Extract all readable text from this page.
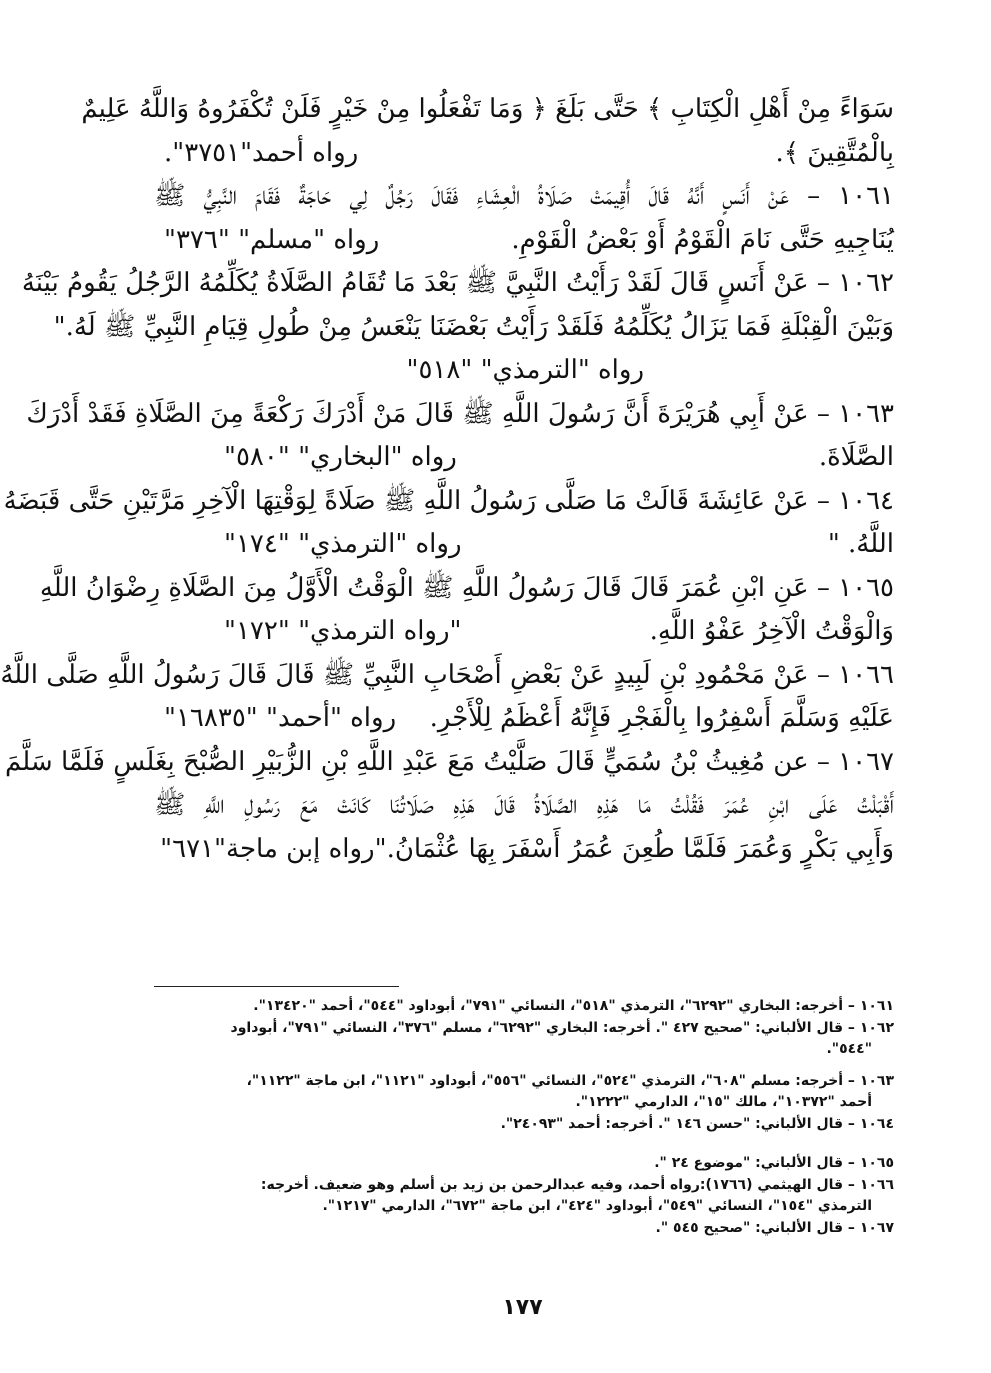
سَوَاءً مِنْ أَهْلِ الْكِتَابِ ﴾ حَتَّى بَلَغَ ﴿ وَمَا تَفْعَلُوا مِنْ خَيْرٍ فَلَنْ تُكْفَرُوهُ وَاللَّهُ عَلِيمٌ
بِالْمُتَّقِينَ ﴾.
رواه أحمد"٣٧٥١".
١٠٦١ – عَنْ أَنَسٍ أَنَّهُ قَالَ أُقِيمَتْ صَلَاةُ الْعِشَاءِ فَقَالَ رَجُلٌ لِي حَاجَةٌ فَقَامَ النَّبِيُّ ﷺ
يُنَاجِيهِ حَتَّى نَامَ الْقَوْمُ أَوْ بَعْضُ الْقَوْمِ.
رواه "مسلم" "٣٧٦"
١٠٦٢ – عَنْ أَنَسٍ قَالَ لَقَدْ رَأَيْتُ النَّبِيَّ ﷺ بَعْدَ مَا تُقَامُ الصَّلَاةُ يُكَلِّمُهُ الرَّجُلُ يَقُومُ بَيْنَهُ
وَبَيْنَ الْقِبْلَةِ فَمَا يَزَالُ يُكَلِّمُهُ فَلَقَدْ رَأَيْتُ بَعْضَنَا يَنْعَسُ مِنْ طُولِ قِيَامِ النَّبِيِّ ﷺ لَهُ."
رواه "الترمذي" "٥١٨"
١٠٦٣ – عَنْ أَبِي هُرَيْرَةَ أَنَّ رَسُولَ اللَّهِ ﷺ قَالَ مَنْ أَدْرَكَ رَكْعَةً مِنَ الصَّلَاةِ فَقَدْ أَدْرَكَ
الصَّلَاةَ.
رواه "البخاري" "٥٨٠"
١٠٦٤ – عَنْ عَائِشَةَ قَالَتْ مَا صَلَّى رَسُولُ اللَّهِ ﷺ صَلَاةً لِوَقْتِهَا الْآخِرِ مَرَّتَيْنِ حَتَّى قَبَضَهُ
اللَّهُ. "
رواه "الترمذي" "١٧٤"
١٠٦٥ – عَنِ ابْنِ عُمَرَ قَالَ قَالَ رَسُولُ اللَّهِ ﷺ الْوَقْتُ الْأَوَّلُ مِنَ الصَّلَاةِ رِضْوَانُ اللَّهِ
وَالْوَقْتُ الْآخِرُ عَفْوُ اللَّهِ.
"رواه الترمذي" "١٧٢"
١٠٦٦ – عَنْ مَحْمُودِ بْنِ لَبِيدٍ عَنْ بَعْضِ أَصْحَابِ النَّبِيِّ ﷺ قَالَ قَالَ رَسُولُ اللَّهِ صَلَّى اللَّهُ
عَلَيْهِ وَسَلَّمَ أَسْفِرُوا بِالْفَجْرِ فَإِنَّهُ أَعْظَمُ لِلْأَجْرِ.
رواه "أحمد" "١٦٨٣٥"
١٠٦٧ – عن مُغِيثُ بْنُ سُمَيٍّ قَالَ صَلَّيْتُ مَعَ عَبْدِ اللَّهِ بْنِ الزُّبَيْرِ الصُّبْحَ بِغَلَسٍ فَلَمَّا سَلَّمَ
أَقْبَلْتُ عَلَى ابْنِ عُمَرَ فَقُلْتُ مَا هَذِهِ الصَّلَاةُ قَالَ هَذِهِ صَلَاتُنَا كَانَتْ مَعَ رَسُولِ اللَّهِ ﷺ
وَأَبِي بَكْرٍ وَعُمَرَ فَلَمَّا طُعِنَ عُمَرُ أَسْفَرَ بِهَا عُثْمَانُ.
"رواه إبن ماجة"٦٧١"
١٠٦١ – أخرجه: البخاري "٦٢٩٢"، الترمذي "٥١٨"، النسائي "٧٩١"، أبوداود "٥٤٤"، أحمد "١٣٤٢٠".
١٠٦٢ – قال الألباني: "صحيح ٤٢٧ ". أخرجه: البخاري "٦٢٩٢"، مسلم "٣٧٦"، النسائي "٧٩١"، أبوداود
"٥٤٤".
١٠٦٣ – أخرجه: مسلم "٦٠٨"، الترمذي "٥٢٤"، النسائي "٥٥٦"، أبوداود "١١٢١"، ابن ماجة "١١٢٢"،
أحمد "١٠٣٧٢"، مالك "١٥"، الدارمي "١٢٢٢".
١٠٦٤ – قال الألباني: "حسن ١٤٦ ". أخرجه: أحمد "٢٤٠٩٣".
١٠٦٥ – قال الألباني: "موضوع ٢٤ ".
١٠٦٦ – قال الهيثمي (١٧٦٦):رواه أحمد، وفيه عبدالرحمن بن زيد بن أسلم وهو ضعيف. أخرجه:
الترمذي "١٥٤"، النسائي "٥٤٩"، أبوداود "٤٢٤"، ابن ماجة "٦٧٢"، الدارمي "١٢١٧".
١٠٦٧ – قال الألباني: "صحيح ٥٤٥ ".
١٧٧
